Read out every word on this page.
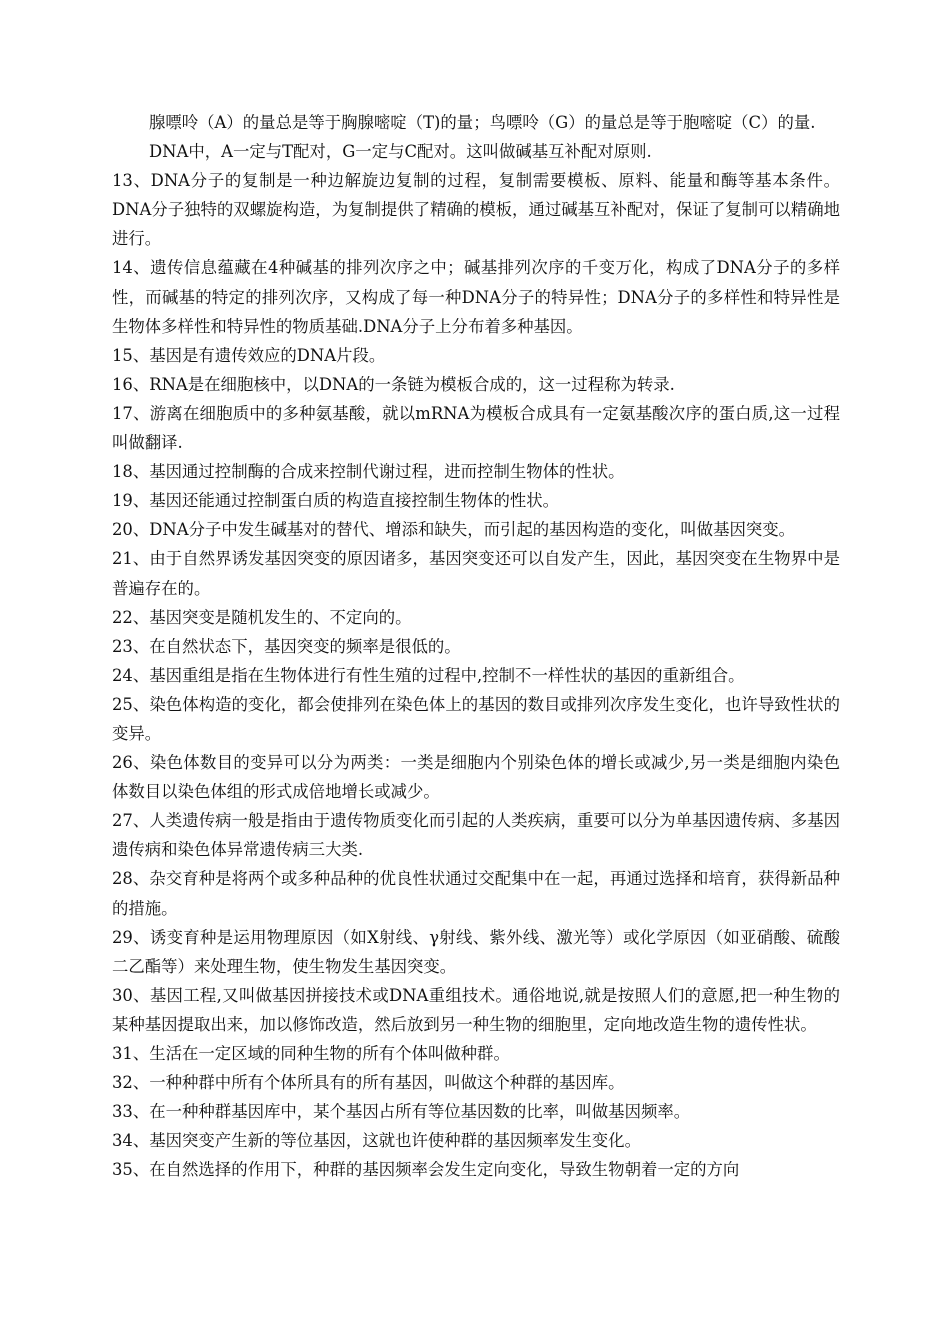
腺嘌呤（A）的量总是等于胸腺嘧啶（T)的量；鸟嘌呤（G）的量总是等于胞嘧啶（C）的量.

DNA中，A一定与T配对，G一定与C配对。这叫做碱基互补配对原则.

13、DNA分子的复制是一种边解旋边复制的过程，复制需要模板、原料、能量和酶等基本条件。DNA分子独特的双螺旋构造，为复制提供了精确的模板，通过碱基互补配对，保证了复制可以精确地进行。

14、遗传信息蕴藏在4种碱基的排列次序之中；碱基排列次序的千变万化，构成了DNA分子的多样性，而碱基的特定的排列次序，又构成了每一种DNA分子的特异性；DNA分子的多样性和特异性是生物体多样性和特异性的物质基础.DNA分子上分布着多种基因。

15、基因是有遗传效应的DNA片段。

16、RNA是在细胞核中，以DNA的一条链为模板合成的，这一过程称为转录.

17、游离在细胞质中的多种氨基酸，就以mRNA为模板合成具有一定氨基酸次序的蛋白质,这一过程叫做翻译.

18、基因通过控制酶的合成来控制代谢过程，进而控制生物体的性状。

19、基因还能通过控制蛋白质的构造直接控制生物体的性状。

20、DNA分子中发生碱基对的替代、增添和缺失，而引起的基因构造的变化，叫做基因突变。

21、由于自然界诱发基因突变的原因诸多，基因突变还可以自发产生，因此，基因突变在生物界中是普遍存在的。

22、基因突变是随机发生的、不定向的。

23、在自然状态下，基因突变的频率是很低的。

24、基因重组是指在生物体进行有性生殖的过程中,控制不一样性状的基因的重新组合。

25、染色体构造的变化，都会使排列在染色体上的基因的数目或排列次序发生变化，也许导致性状的变异。

26、染色体数目的变异可以分为两类：一类是细胞内个别染色体的增长或减少,另一类是细胞内染色体数目以染色体组的形式成倍地增长或减少。

27、人类遗传病一般是指由于遗传物质变化而引起的人类疾病，重要可以分为单基因遗传病、多基因遗传病和染色体异常遗传病三大类.

28、杂交育种是将两个或多种品种的优良性状通过交配集中在一起，再通过选择和培育，获得新品种的措施。

29、诱变育种是运用物理原因（如X射线、γ射线、紫外线、激光等）或化学原因（如亚硝酸、硫酸二乙酯等）来处理生物，使生物发生基因突变。

30、基因工程,又叫做基因拼接技术或DNA重组技术。通俗地说,就是按照人们的意愿,把一种生物的某种基因提取出来，加以修饰改造，然后放到另一种生物的细胞里，定向地改造生物的遗传性状。

31、生活在一定区域的同种生物的所有个体叫做种群。

32、一种种群中所有个体所具有的所有基因，叫做这个种群的基因库。

33、在一种种群基因库中，某个基因占所有等位基因数的比率，叫做基因频率。

34、基因突变产生新的等位基因，这就也许使种群的基因频率发生变化。

35、在自然选择的作用下，种群的基因频率会发生定向变化，导致生物朝着一定的方向
